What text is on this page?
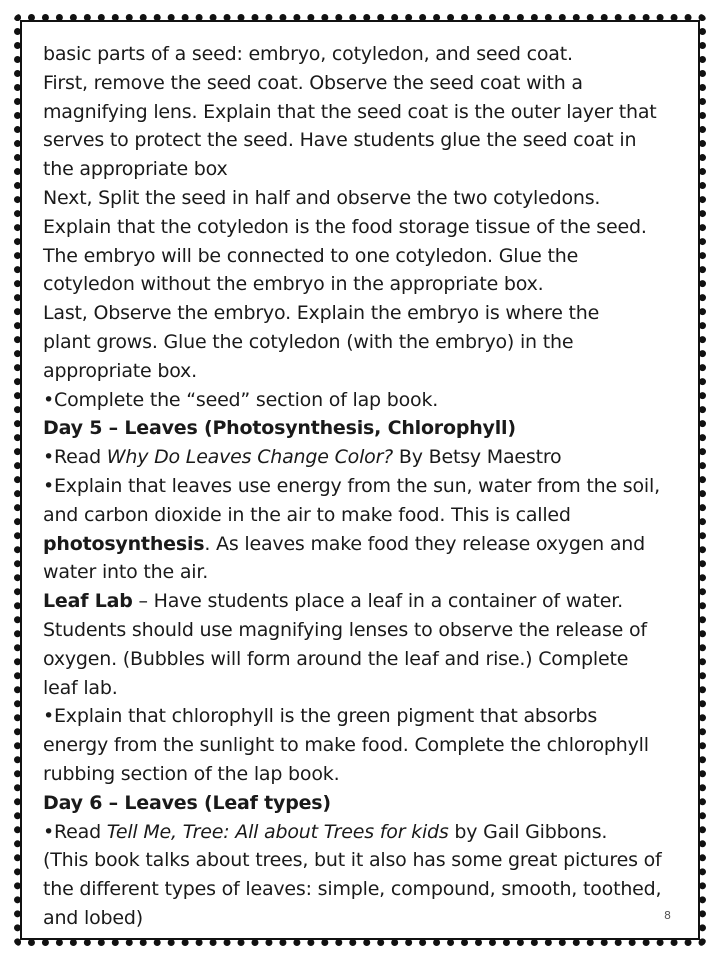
basic parts of a seed: embryo, cotyledon, and seed coat.

First, remove the seed coat. Observe the seed coat with a

magnifying lens. Explain that the seed coat is the outer layer that

serves to protect the seed. Have students glue the seed coat in

the appropriate box

Next, Split the seed in half and observe the two cotyledons.

Explain that the cotyledon is the food storage tissue of the seed.

The embryo will be connected to one cotyledon. Glue the

cotyledon without the embryo in the appropriate box.

Last, Observe the embryo. Explain the embryo is where the

plant grows. Glue the cotyledon (with the embryo) in the

appropriate box.

•Complete the “seed” section of lap book.

Day 5 – Leaves (Photosynthesis, Chlorophyll)

•Read Why Do Leaves Change Color? By Betsy Maestro

•Explain that leaves use energy from the sun, water from the soil,

and carbon dioxide in the air to make food. This is called

photosynthesis. As leaves make food they release oxygen and

water into the air.

Leaf Lab – Have students place a leaf in a container of water.

Students should use magnifying lenses to observe the release of

oxygen. (Bubbles will form around the leaf and rise.) Complete

leaf lab.

•Explain that chlorophyll is the green pigment that absorbs

energy from the sunlight to make food. Complete the chlorophyll

rubbing section of the lap book.

Day 6 – Leaves (Leaf types)

•Read Tell Me, Tree: All about Trees for kids by Gail Gibbons.

(This book talks about trees, but it also has some great pictures of

the different types of leaves: simple, compound, smooth, toothed,

and lobed)	8
